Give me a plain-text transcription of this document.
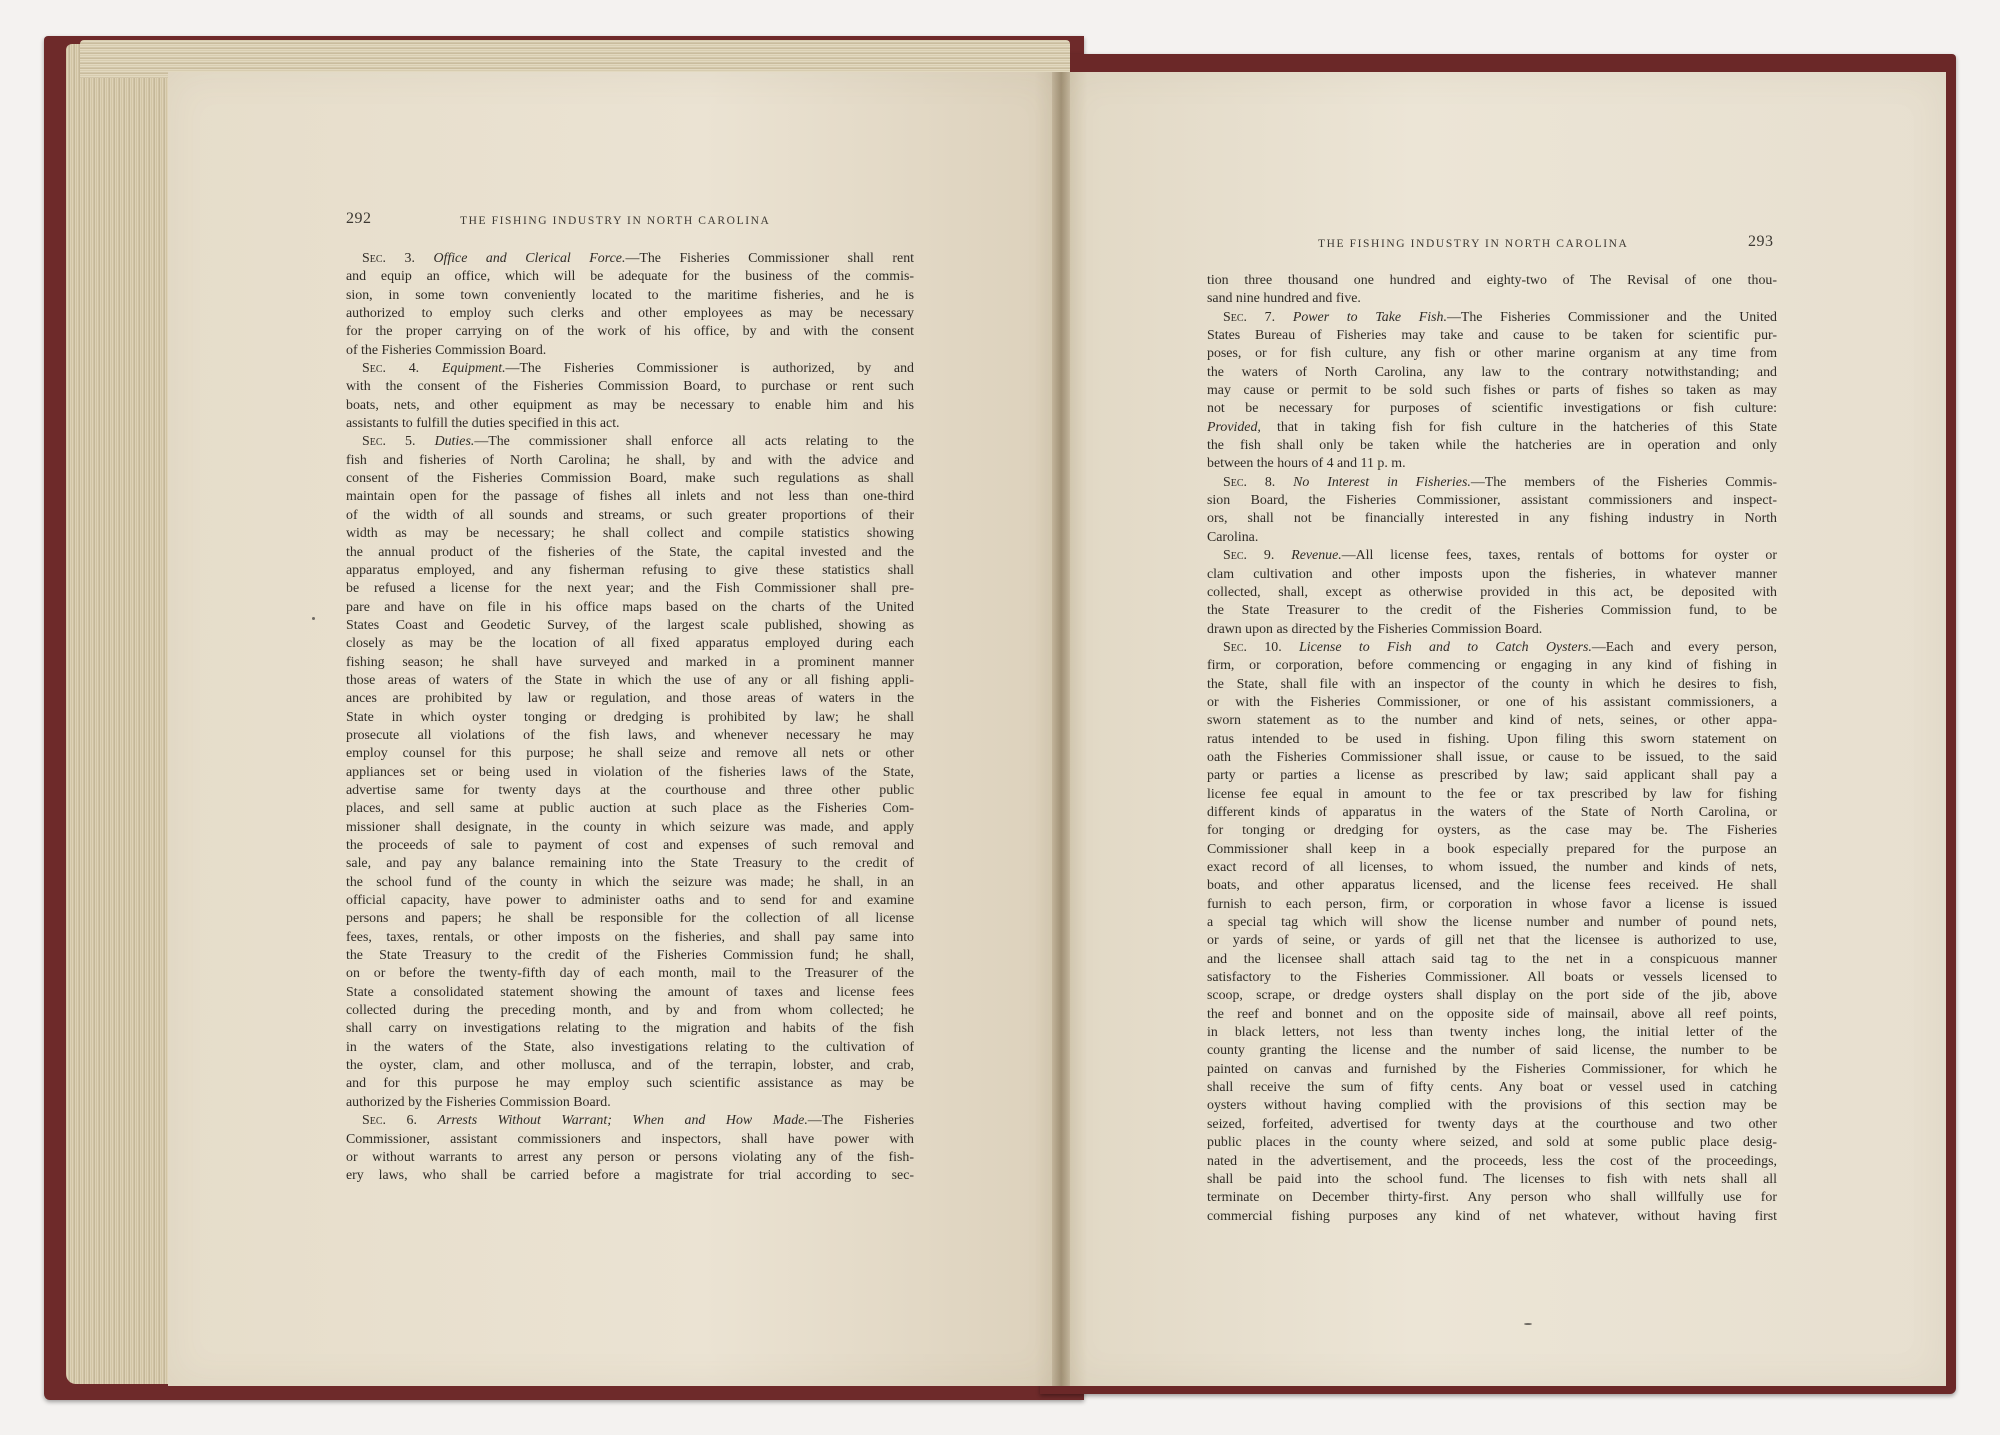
292	THE FISHING INDUSTRY IN NORTH CAROLINA
THE FISHING INDUSTRY IN NORTH CAROLINA	293
Sec. 3. Office and Clerical Force.—The Fisheries Commissioner shall rent
and equip an office, which will be adequate for the business of the commis-
sion, in some town conveniently located to the maritime fisheries, and he is
authorized to employ such clerks and other employees as may be necessary
for the proper carrying on of the work of his office, by and with the consent
of the Fisheries Commission Board.
Sec. 4. Equipment.—The Fisheries Commissioner is authorized, by and
with the consent of the Fisheries Commission Board, to purchase or rent such
boats, nets, and other equipment as may be necessary to enable him and his
assistants to fulfill the duties specified in this act.
Sec. 5. Duties.—The commissioner shall enforce all acts relating to the
fish and fisheries of North Carolina; he shall, by and with the advice and
consent of the Fisheries Commission Board, make such regulations as shall
maintain open for the passage of fishes all inlets and not less than one-third
of the width of all sounds and streams, or such greater proportions of their
width as may be necessary; he shall collect and compile statistics showing
the annual product of the fisheries of the State, the capital invested and the
apparatus employed, and any fisherman refusing to give these statistics shall
be refused a license for the next year; and the Fish Commissioner shall pre-
pare and have on file in his office maps based on the charts of the United
States Coast and Geodetic Survey, of the largest scale published, showing as
closely as may be the location of all fixed apparatus employed during each
fishing season; he shall have surveyed and marked in a prominent manner
those areas of waters of the State in which the use of any or all fishing appli-
ances are prohibited by law or regulation, and those areas of waters in the
State in which oyster tonging or dredging is prohibited by law; he shall
prosecute all violations of the fish laws, and whenever necessary he may
employ counsel for this purpose; he shall seize and remove all nets or other
appliances set or being used in violation of the fisheries laws of the State,
advertise same for twenty days at the courthouse and three other public
places, and sell same at public auction at such place as the Fisheries Com-
missioner shall designate, in the county in which seizure was made, and apply
the proceeds of sale to payment of cost and expenses of such removal and
sale, and pay any balance remaining into the State Treasury to the credit of
the school fund of the county in which the seizure was made; he shall, in an
official capacity, have power to administer oaths and to send for and examine
persons and papers; he shall be responsible for the collection of all license
fees, taxes, rentals, or other imposts on the fisheries, and shall pay same into
the State Treasury to the credit of the Fisheries Commission fund; he shall,
on or before the twenty-fifth day of each month, mail to the Treasurer of the
State a consolidated statement showing the amount of taxes and license fees
collected during the preceding month, and by and from whom collected; he
shall carry on investigations relating to the migration and habits of the fish
in the waters of the State, also investigations relating to the cultivation of
the oyster, clam, and other mollusca, and of the terrapin, lobster, and crab,
and for this purpose he may employ such scientific assistance as may be
authorized by the Fisheries Commission Board.
Sec. 6. Arrests Without Warrant; When and How Made.—The Fisheries
Commissioner, assistant commissioners and inspectors, shall have power with
or without warrants to arrest any person or persons violating any of the fish-
ery laws, who shall be carried before a magistrate for trial according to sec-
tion three thousand one hundred and eighty-two of The Revisal of one thou-
sand nine hundred and five.
Sec. 7. Power to Take Fish.—The Fisheries Commissioner and the United
States Bureau of Fisheries may take and cause to be taken for scientific pur-
poses, or for fish culture, any fish or other marine organism at any time from
the waters of North Carolina, any law to the contrary notwithstanding; and
may cause or permit to be sold such fishes or parts of fishes so taken as may
not be necessary for purposes of scientific investigations or fish culture:
Provided, that in taking fish for fish culture in the hatcheries of this State
the fish shall only be taken while the hatcheries are in operation and only
between the hours of 4 and 11 p. m.
Sec. 8. No Interest in Fisheries.—The members of the Fisheries Commis-
sion Board, the Fisheries Commissioner, assistant commissioners and inspect-
ors, shall not be financially interested in any fishing industry in North
Carolina.
Sec. 9. Revenue.—All license fees, taxes, rentals of bottoms for oyster or
clam cultivation and other imposts upon the fisheries, in whatever manner
collected, shall, except as otherwise provided in this act, be deposited with
the State Treasurer to the credit of the Fisheries Commission fund, to be
drawn upon as directed by the Fisheries Commission Board.
Sec. 10. License to Fish and to Catch Oysters.—Each and every person,
firm, or corporation, before commencing or engaging in any kind of fishing in
the State, shall file with an inspector of the county in which he desires to fish,
or with the Fisheries Commissioner, or one of his assistant commissioners, a
sworn statement as to the number and kind of nets, seines, or other appa-
ratus intended to be used in fishing. Upon filing this sworn statement on
oath the Fisheries Commissioner shall issue, or cause to be issued, to the said
party or parties a license as prescribed by law; said applicant shall pay a
license fee equal in amount to the fee or tax prescribed by law for fishing
different kinds of apparatus in the waters of the State of North Carolina, or
for tonging or dredging for oysters, as the case may be. The Fisheries
Commissioner shall keep in a book especially prepared for the purpose an
exact record of all licenses, to whom issued, the number and kinds of nets,
boats, and other apparatus licensed, and the license fees received. He shall
furnish to each person, firm, or corporation in whose favor a license is issued
a special tag which will show the license number and number of pound nets,
or yards of seine, or yards of gill net that the licensee is authorized to use,
and the licensee shall attach said tag to the net in a conspicuous manner
satisfactory to the Fisheries Commissioner. All boats or vessels licensed to
scoop, scrape, or dredge oysters shall display on the port side of the jib, above
the reef and bonnet and on the opposite side of mainsail, above all reef points,
in black letters, not less than twenty inches long, the initial letter of the
county granting the license and the number of said license, the number to be
painted on canvas and furnished by the Fisheries Commissioner, for which he
shall receive the sum of fifty cents. Any boat or vessel used in catching
oysters without having complied with the provisions of this section may be
seized, forfeited, advertised for twenty days at the courthouse and two other
public places in the county where seized, and sold at some public place desig-
nated in the advertisement, and the proceeds, less the cost of the proceedings,
shall be paid into the school fund. The licenses to fish with nets shall all
terminate on December thirty-first. Any person who shall willfully use for
commercial fishing purposes any kind of net whatever, without having first
